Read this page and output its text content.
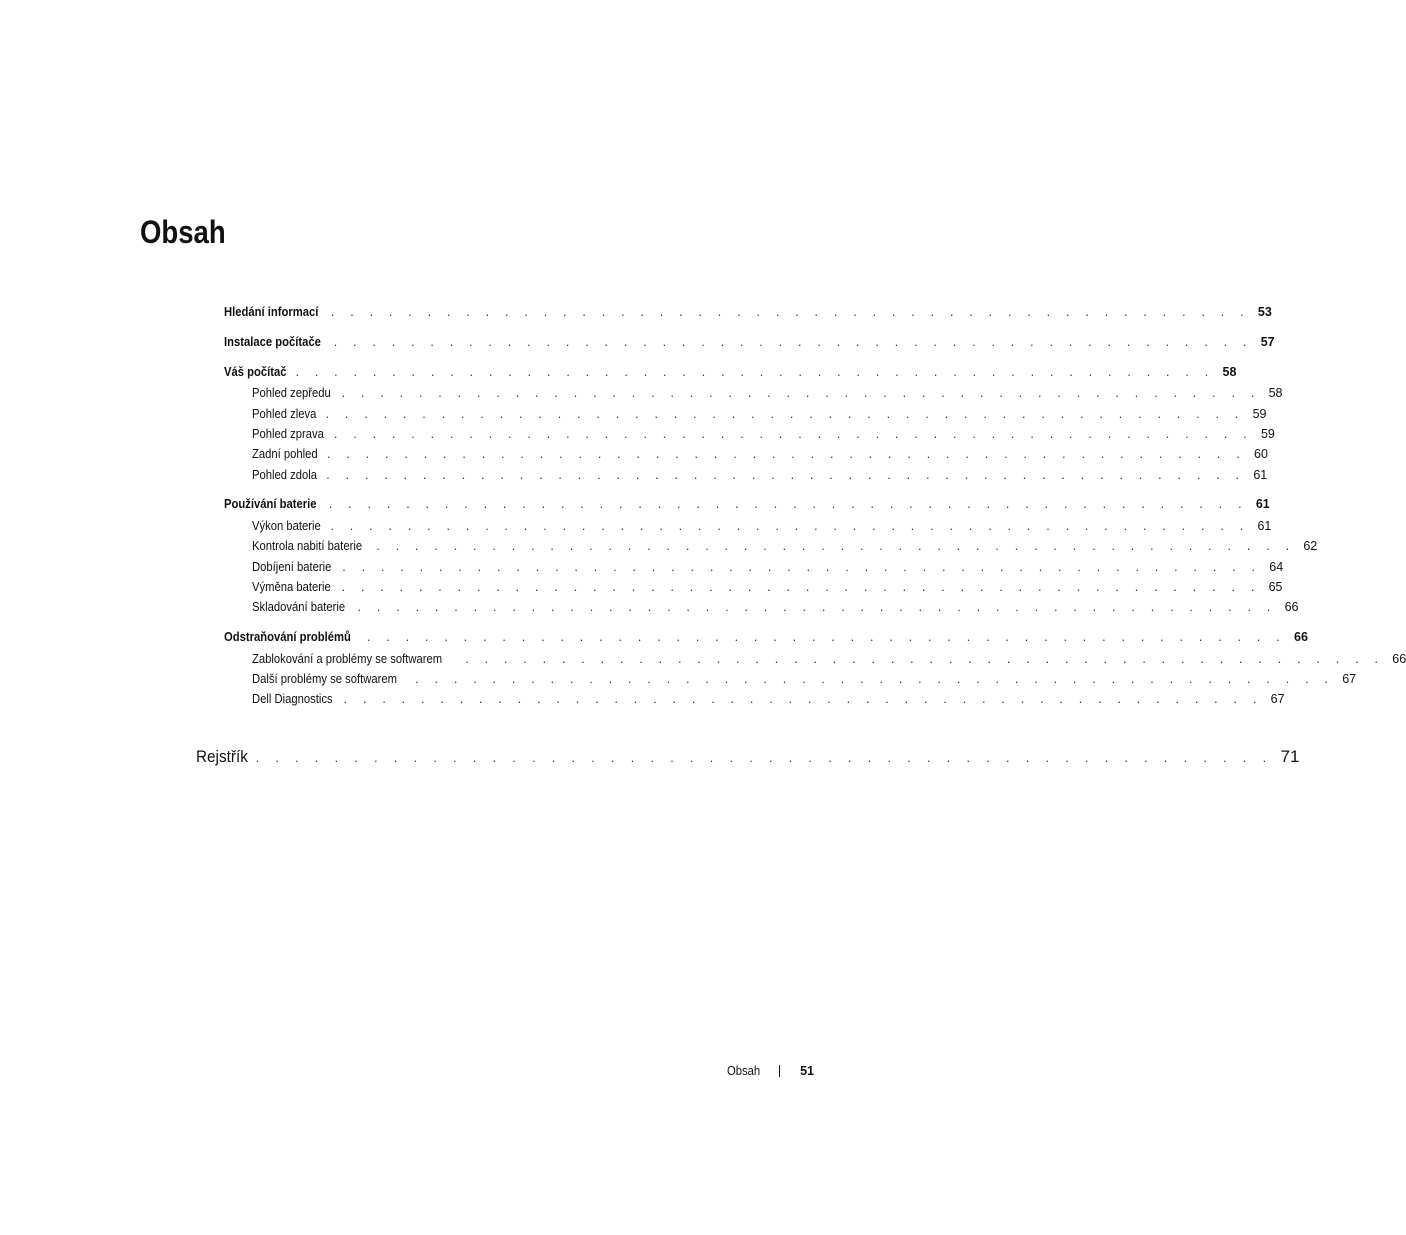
Obsah
Hledání informací . . . . . . . . . . . . . . . . . . . . . . . . . . . . . . . . . . . . . . . . . . . . . . . . 53
Instalace počítače . . . . . . . . . . . . . . . . . . . . . . . . . . . . . . . . . . . . . . . . . . . . . . . . 57
Váš počítač . . . . . . . . . . . . . . . . . . . . . . . . . . . . . . . . . . . . . . . . . . . . . . . . 58
Pohled zepředu . . . . . . . . . . . . . . . . . . . . . . . . . . . . . . . . . . . . . . . . . . . . . . . . 58
Pohled zleva . . . . . . . . . . . . . . . . . . . . . . . . . . . . . . . . . . . . . . . . . . . . . . . . 59
Pohled zprava . . . . . . . . . . . . . . . . . . . . . . . . . . . . . . . . . . . . . . . . . . . . . . . . 59
Zadní pohled . . . . . . . . . . . . . . . . . . . . . . . . . . . . . . . . . . . . . . . . . . . . . . . . 60
Pohled zdola . . . . . . . . . . . . . . . . . . . . . . . . . . . . . . . . . . . . . . . . . . . . . . . . 61
Používání baterie . . . . . . . . . . . . . . . . . . . . . . . . . . . . . . . . . . . . . . . . . . . . . . . . 61
Výkon baterie . . . . . . . . . . . . . . . . . . . . . . . . . . . . . . . . . . . . . . . . . . . . . . . . 61
Kontrola nabití baterie . . . . . . . . . . . . . . . . . . . . . . . . . . . . . . . . . . . . . . . . . . . . . . . . 62
Dobíjení baterie . . . . . . . . . . . . . . . . . . . . . . . . . . . . . . . . . . . . . . . . . . . . . . . . 64
Výměna baterie . . . . . . . . . . . . . . . . . . . . . . . . . . . . . . . . . . . . . . . . . . . . . . . . 65
Skladování baterie . . . . . . . . . . . . . . . . . . . . . . . . . . . . . . . . . . . . . . . . . . . . . . . . 66
Odstraňování problémů . . . . . . . . . . . . . . . . . . . . . . . . . . . . . . . . . . . . . . . . . . . . . . . . 66
Zablokování a problémy se softwarem . . . . . . . . . . . . . . . . . . . . . . . . . . . . . . . . . . . . . . . . . . . . . . . . 66
Další problémy se softwarem . . . . . . . . . . . . . . . . . . . . . . . . . . . . . . . . . . . . . . . . . . . . . . . . 67
Dell Diagnostics . . . . . . . . . . . . . . . . . . . . . . . . . . . . . . . . . . . . . . . . . . . . . . . . 67
Rejstřík . . . . . . . . . . . . . . . . . . . . . . . . . . . . . . . . . . . . . . . . . . . . . . . . . . . . 71
Obsah	51
